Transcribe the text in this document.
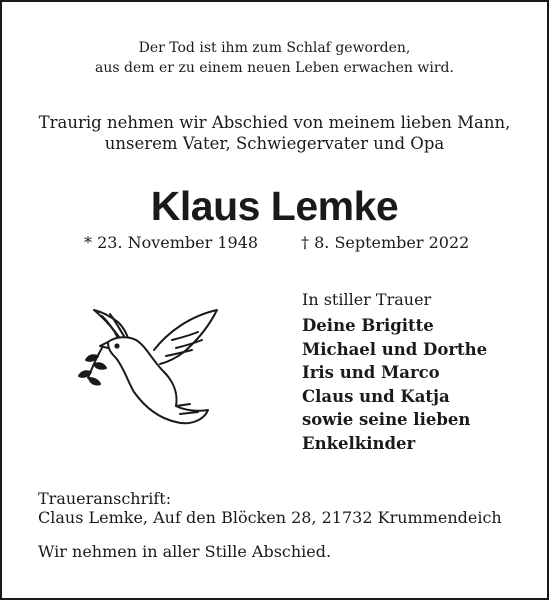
Der Tod ist ihm zum Schlaf geworden,
aus dem er zu einem neuen Leben erwachen wird.
Traurig nehmen wir Abschied von meinem lieben Mann,
unserem Vater, Schwiegervater und Opa
Klaus Lemke
* 23. November 1948	† 8. September 2022
In stiller Trauer
Deine Brigitte
Michael und Dorthe
Iris und Marco
Claus und Katja
sowie seine lieben
Enkelkinder
Traueranschrift:
Claus Lemke, Auf den Blöcken 28, 21732 Krummendeich
Wir nehmen in aller Stille Abschied.
